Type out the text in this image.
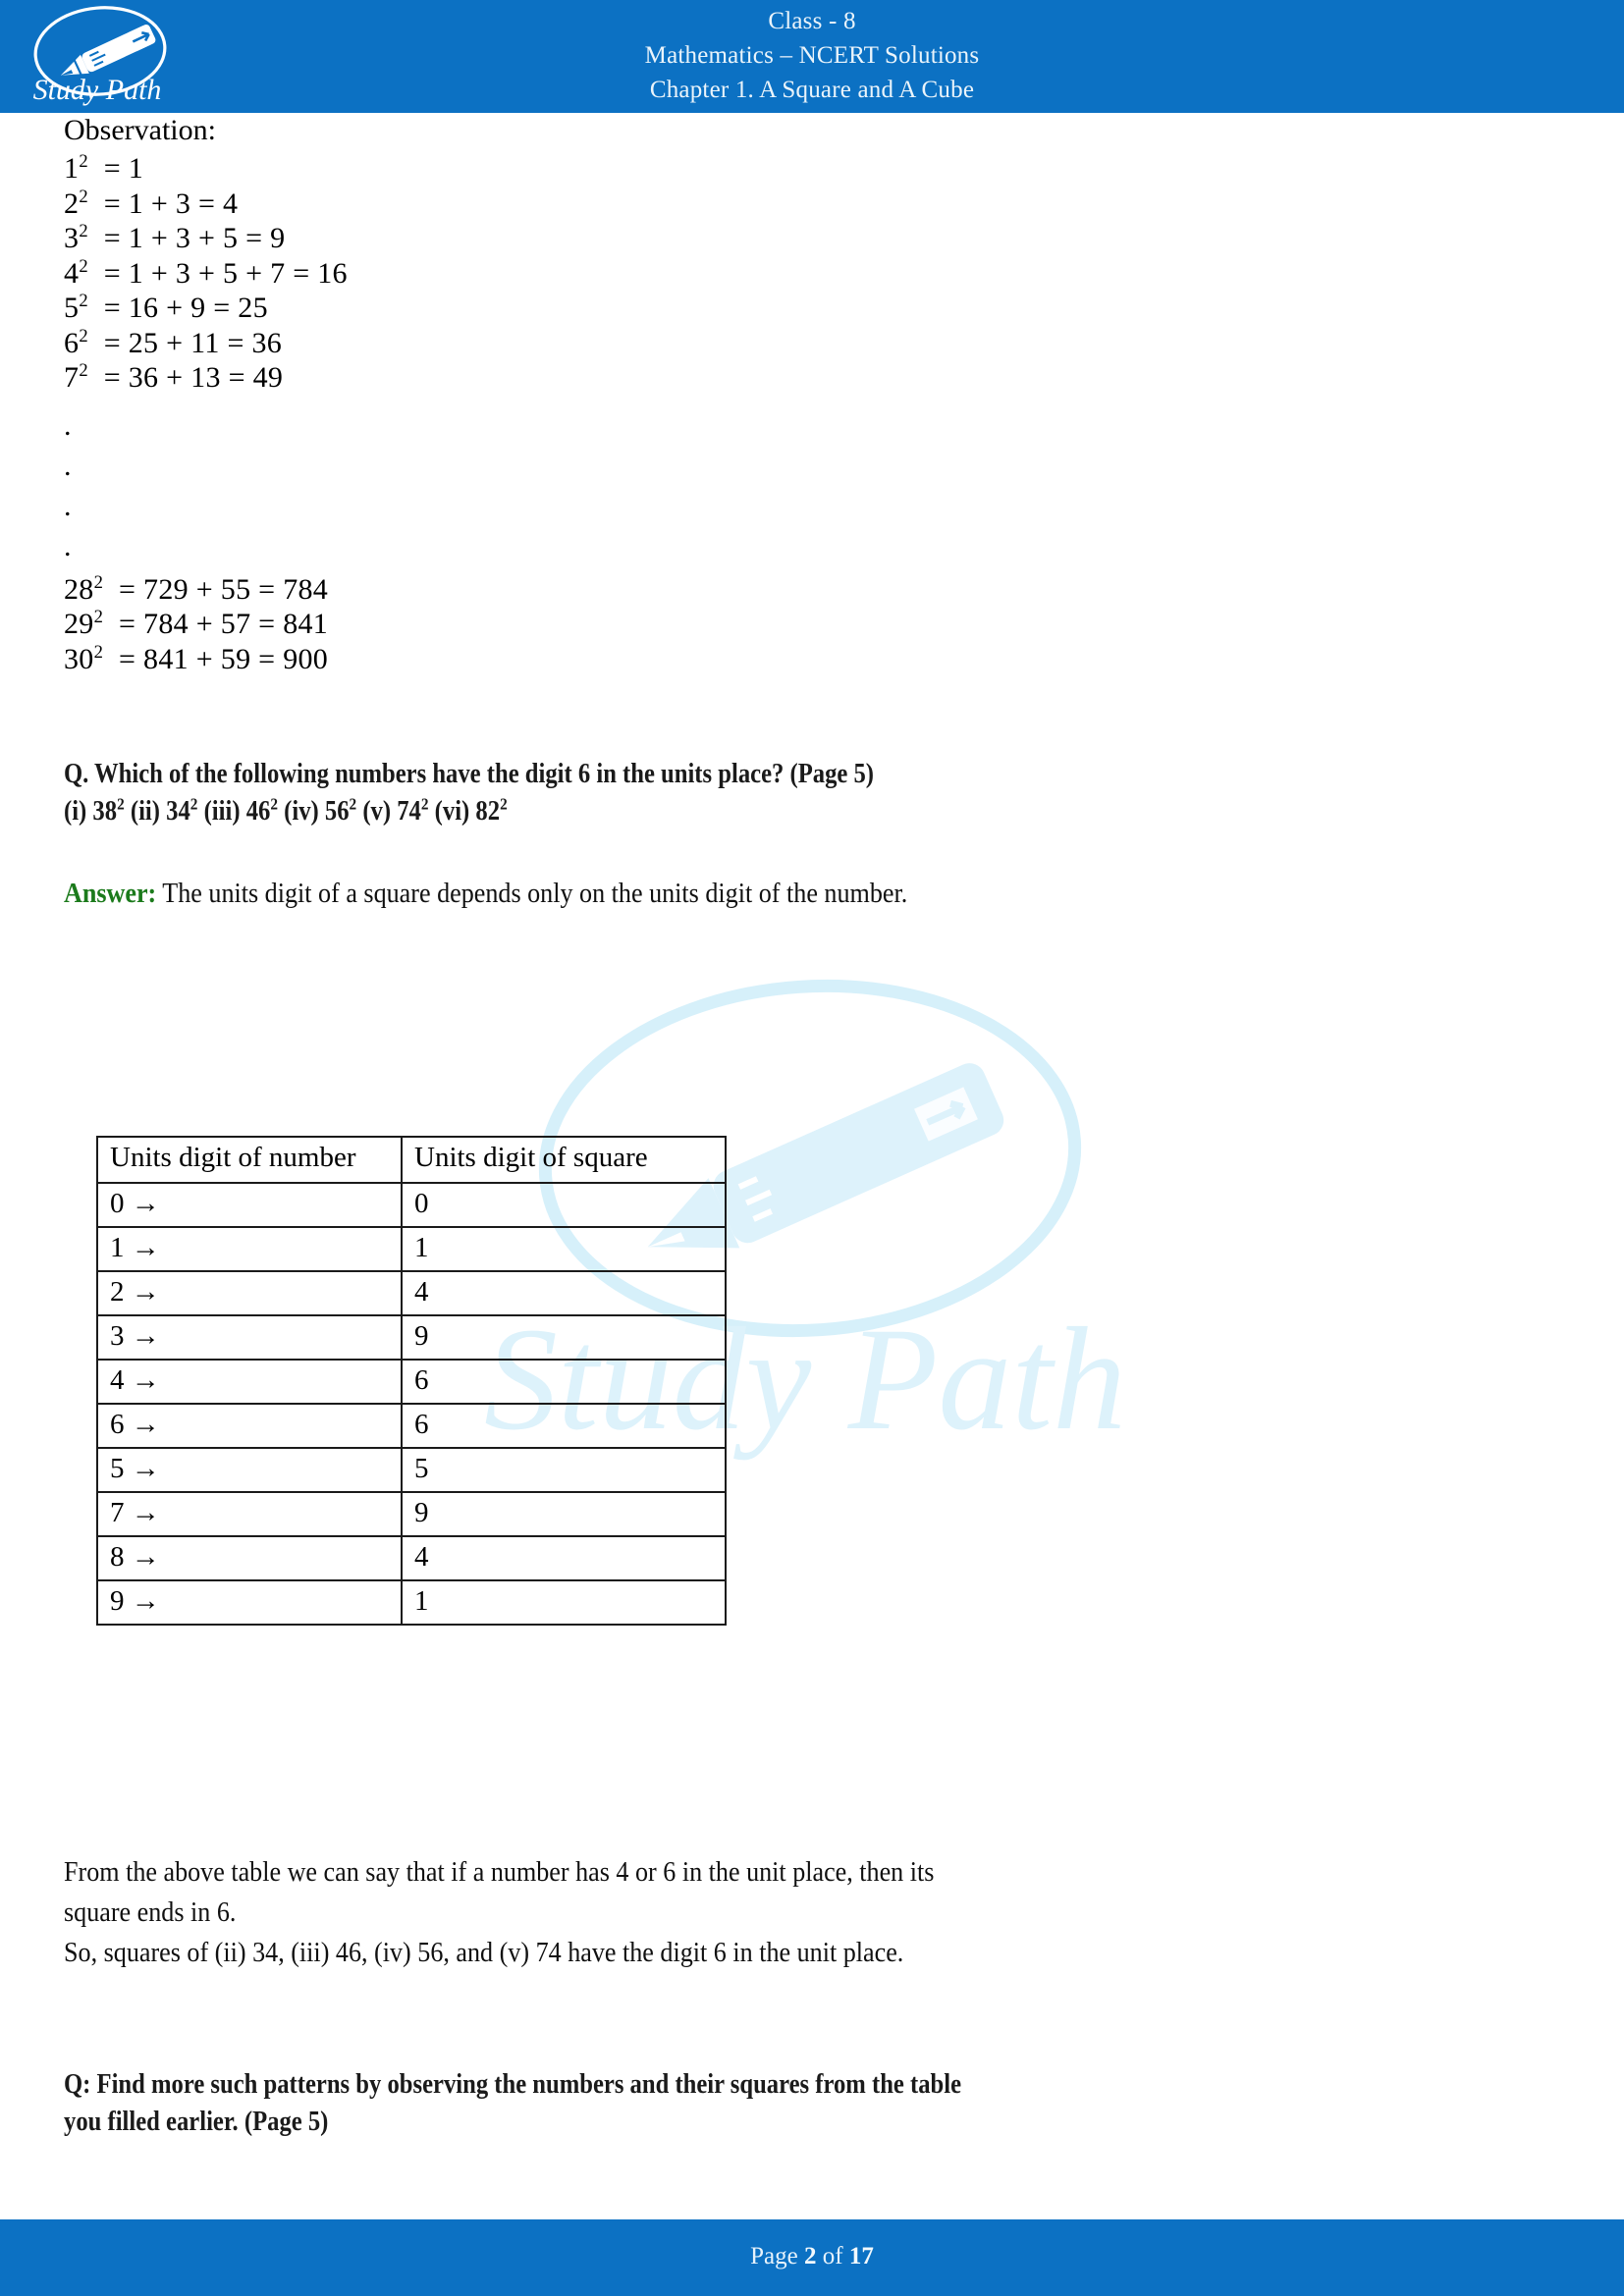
Study Path
Study Path
Class - 8
Mathematics – NCERT Solutions
Chapter 1. A Square and A Cube
Observation:
$1^2 = 1$
$2^2 = 1 + 3 = 4$
$3^2 = 1 + 3 + 5 = 9$
$4^2 = 1 + 3 + 5 + 7 = 16$
$5^2 = 16 + 9 = 25$
$6^2 = 25 + 11 = 36$
$7^2 = 36 + 13 = 49$
.
.
.
.
$28^2 = 729 + 55 = 784$
$29^2 = 784 + 57 = 841$
$30^2 = 841 + 59 = 900$
Q. Which of the following numbers have the digit 6 in the units place? (Page 5)
(i) $38^2$ (ii) $34^2$ (iii) $46^2$ (iv) $56^2$ (v) $74^2$ (vi) $82^2$
Answer: The units digit of a square depends only on the units digit of the number.
From the above table we can say that if a number has 4 or 6 in the unit place, then its
square ends in 6.
So, squares of (ii) 34, (iii) 46, (iv) 56, and (v) 74 have the digit 6 in the unit place.
Q: Find more such patterns by observing the numbers and their squares from the table
you filled earlier. (Page 5)
Units digit of number	Units digit of square
0 →	0
1 →	1
2 →	4
3 →	9
4 →	6
6 →	6
5 →	5
7 →	9
8 →	4
9 →	1
Page 2 of 17
